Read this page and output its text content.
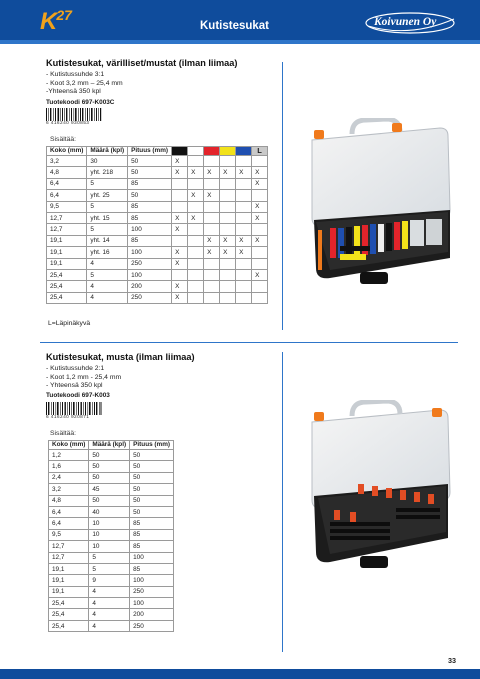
K27
Kutistesukat	Koivunen Oy
Kutistesukat, värilliset/mustat (ilman liimaa)
- Kutistussuhde 3:1
- Koot 3,2 mm – 25,4 mm
-Yhteensä 350 kpl
Tuotekoodi 697-K003C
6 416240 930853
Sisältää:
Koko (mm)	Määrä (kpl)	Pituus (mm)						L
3,2	30	50	X					
4,8	yht. 218	50	X	X	X	X	X	X
6,4	5	85						X
6,4	yht. 25	50		X	X			
9,5	5	85						X
12,7	yht. 15	85	X	X				X
12,7	5	100	X					
19,1	yht. 14	85			X	X	X	X
19,1	yht. 16	100	X		X	X	X	
19,1	4	250	X					
25,4	5	100						X
25,4	4	200	X					
25,4	4	250	X					
L=Läpinäkyvä
Kutistesukat, musta (ilman liimaa)
- Kutistussuhde 2:1
- Koot 1,2 mm - 25,4 mm
- Yhteensä 350 kpl
Tuotekoodi 697-K003
6 416240 920871
Sisältää:
Koko (mm)	Määrä (kpl)	Pituus (mm)
1,2	50	50
1,6	50	50
2,4	50	50
3,2	45	50
4,8	50	50
6,4	40	50
6,4	10	85
9,5	10	85
12,7	10	85
12,7	5	100
19,1	5	85
19,1	9	100
19,1	4	250
25,4	4	100
25,4	4	200
25,4	4	250
33
